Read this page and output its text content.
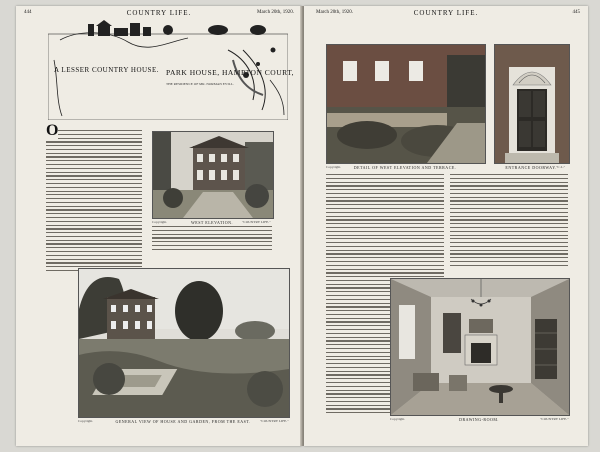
444	COUNTRY LIFE.	March 20th, 1920.
A LESSER COUNTRY HOUSE. PARK HOUSE, HAMPTON COURT,
THE RESIDENCE OF MR. NORMAN EVILL.
O
WEST ELEVATION.
Copyright.	"COUNTRY LIFE."
GENERAL VIEW OF HOUSE AND GARDEN, FROM THE EAST.
Copyright.	"COUNTRY LIFE."
March 20th, 1920.	COUNTRY LIFE.	445
DETAIL OF WEST ELEVATION AND TERRACE.
Copyright.	ENTRANCE DOORWAY. "C.L."
DRAWING-ROOM.
Copyright.	"COUNTRY LIFE."
